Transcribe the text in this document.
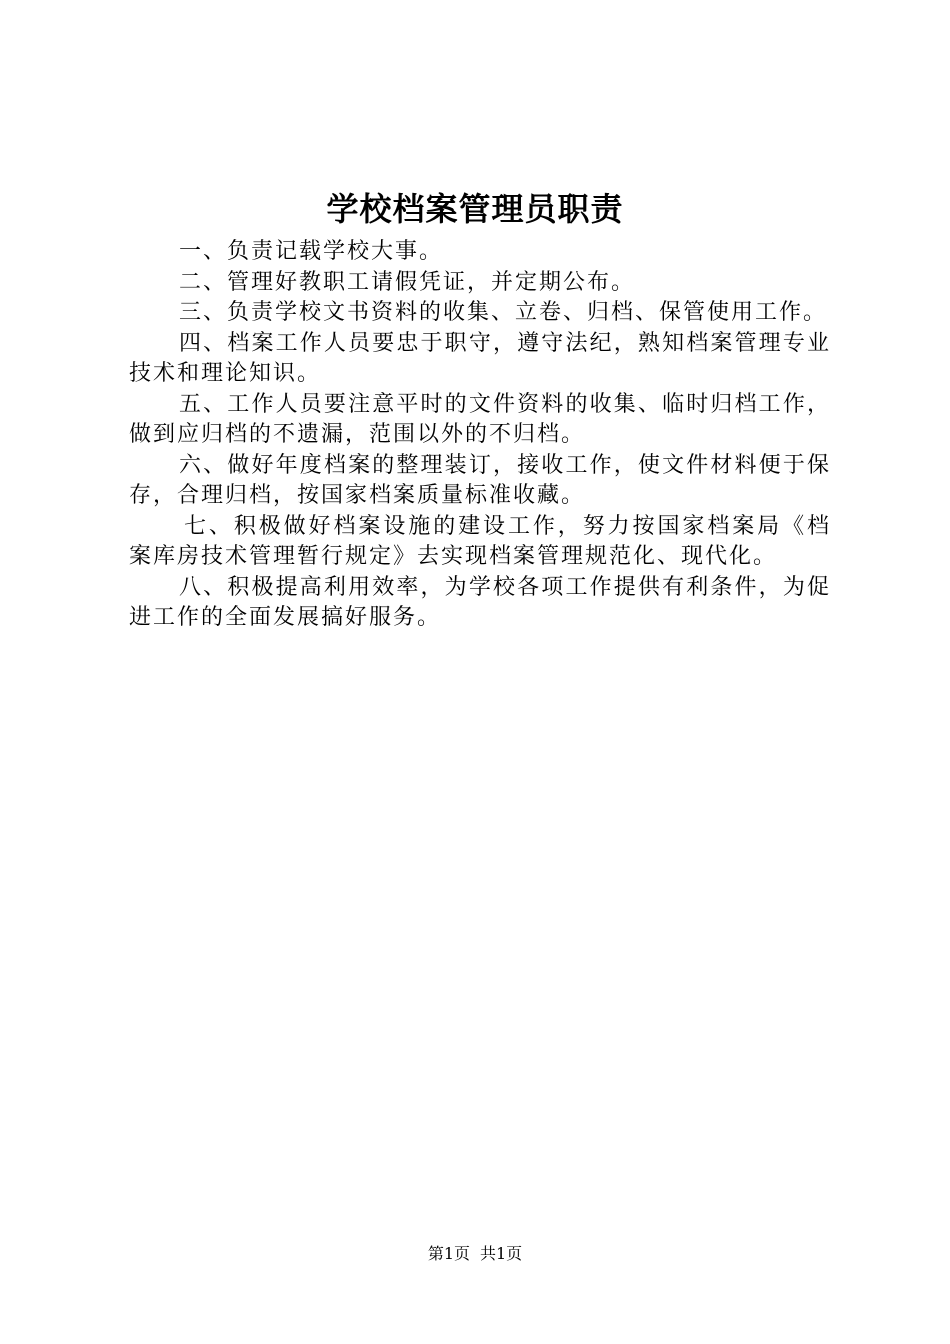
学校档案管理员职责

一、负责记载学校大事。

二、管理好教职工请假凭证，并定期公布。

三、负责学校文书资料的收集、立卷、归档、保管使用工作。

四、档案工作人员要忠于职守，遵守法纪，熟知档案管理专业技术和理论知识。

五、工作人员要注意平时的文件资料的收集、临时归档工作，做到应归档的不遗漏，范围以外的不归档。

六、做好年度档案的整理装订，接收工作，使文件材料便于保存，合理归档，按国家档案质量标准收藏。

七、积极做好档案设施的建设工作，努力按国家档案局《档案库房技术管理暂行规定》去实现档案管理规范化、现代化。

八、积极提高利用效率，为学校各项工作提供有利条件，为促进工作的全面发展搞好服务。

第1页 共1页
